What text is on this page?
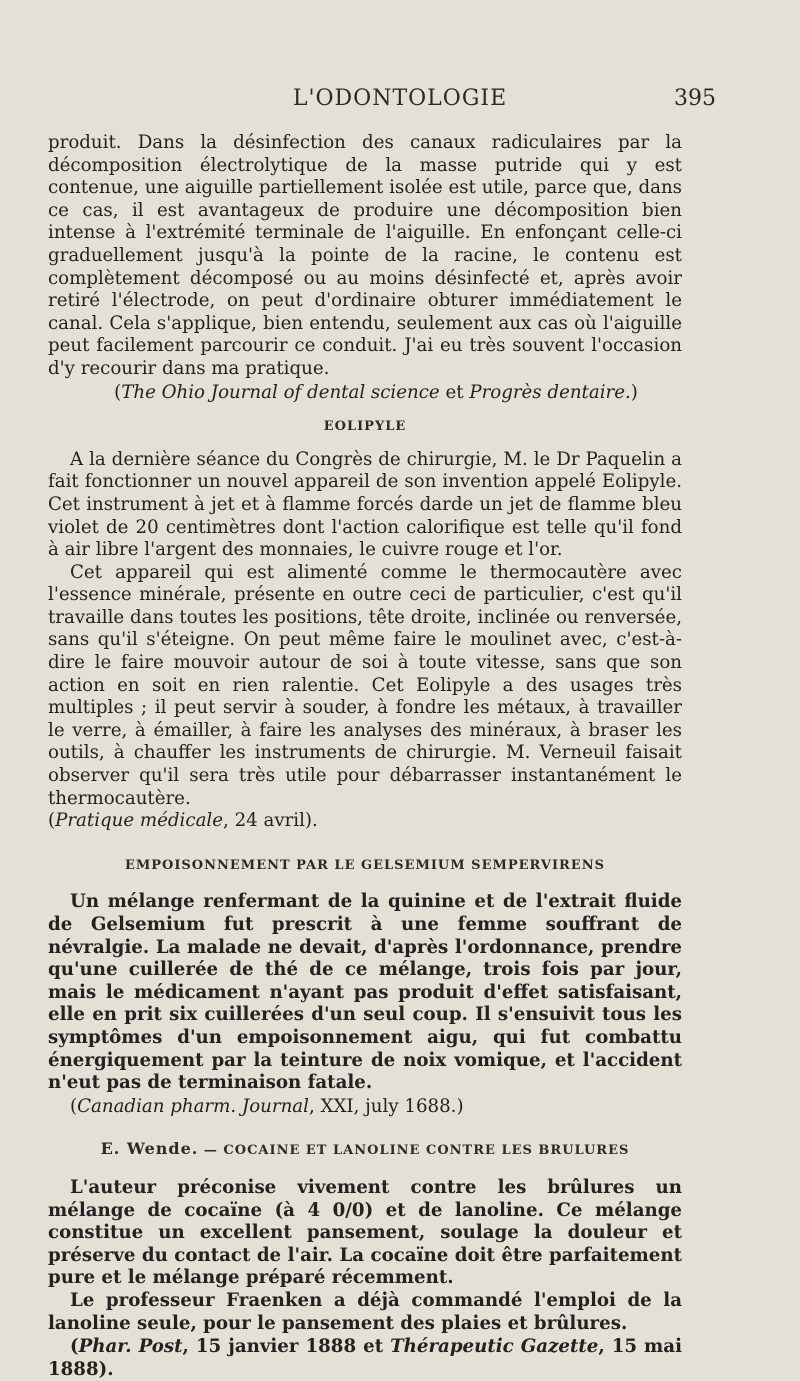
L'ODONTOLOGIE	395

produit. Dans la désinfection des canaux radiculaires par la décomposition électrolytique de la masse putride qui y est contenue, une aiguille partiellement isolée est utile, parce que, dans ce cas, il est avantageux de produire une décomposition bien intense à l'extrémité terminale de l'aiguille. En enfonçant celle-ci graduellement jusqu'à la pointe de la racine, le contenu est complètement décomposé ou au moins désinfecté et, après avoir retiré l'électrode, on peut d'ordinaire obturer immédiatement le canal. Cela s'applique, bien entendu, seulement aux cas où l'aiguille peut facilement parcourir ce conduit. J'ai eu très souvent l'occasion d'y recourir dans ma pratique.

(The Ohio Journal of dental science et Progrès dentaire.)

EOLIPYLE

A la dernière séance du Congrès de chirurgie, M. le Dr Paquelin a fait fonctionner un nouvel appareil de son invention appelé Eolipyle. Cet instrument à jet et à flamme forcés darde un jet de flamme bleu violet de 20 centimètres dont l'action calorifique est telle qu'il fond à air libre l'argent des monnaies, le cuivre rouge et l'or.

Cet appareil qui est alimenté comme le thermocautère avec l'essence minérale, présente en outre ceci de particulier, c'est qu'il travaille dans toutes les positions, tête droite, inclinée ou renversée, sans qu'il s'éteigne. On peut même faire le moulinet avec, c'est-à-dire le faire mouvoir autour de soi à toute vitesse, sans que son action en soit en rien ralentie. Cet Eolipyle a des usages très multiples ; il peut servir à souder, à fondre les métaux, à travailler le verre, à émailler, à faire les analyses des minéraux, à braser les outils, à chauffer les instruments de chirurgie. M. Verneuil faisait observer qu'il sera très utile pour débarrasser instantanément le thermocautère.

(Pratique médicale, 24 avril).

EMPOISONNEMENT PAR LE GELSEMIUM SEMPERVIRENS

Un mélange renfermant de la quinine et de l'extrait fluide de Gelsemium fut prescrit à une femme souffrant de névralgie. La malade ne devait, d'après l'ordonnance, prendre qu'une cuillerée de thé de ce mélange, trois fois par jour, mais le médicament n'ayant pas produit d'effet satisfaisant, elle en prit six cuillerées d'un seul coup. Il s'ensuivit tous les symptômes d'un empoisonnement aigu, qui fut combattu énergiquement par la teinture de noix vomique, et l'accident n'eut pas de terminaison fatale.

(Canadian pharm. Journal, XXI, july 1688.)

E. Wende. — COCAINE ET LANOLINE CONTRE LES BRULURES

L'auteur préconise vivement contre les brûlures un mélange de cocaïne (à 4 0/0) et de lanoline. Ce mélange constitue un excellent pansement, soulage la douleur et préserve du contact de l'air. La cocaïne doit être parfaitement pure et le mélange préparé récemment.

Le professeur Fraenken a déjà commandé l'emploi de la lanoline seule, pour le pansement des plaies et brûlures.

(Phar. Post, 15 janvier 1888 et Thérapeutic Gazette, 15 mai 1888).
